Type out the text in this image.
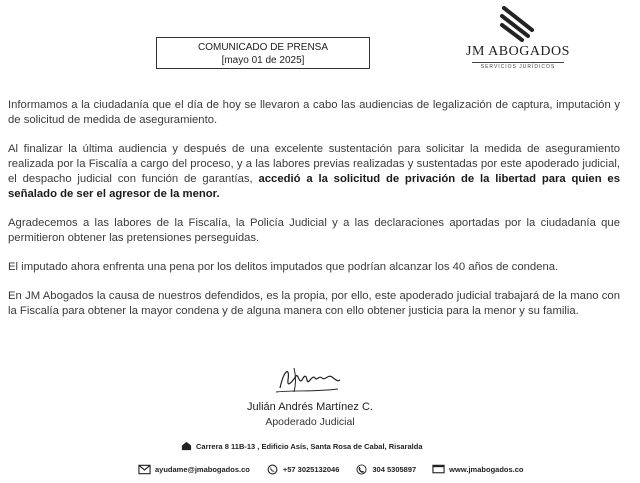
COMUNICADO DE PRENSA
[mayo 01 de 2025]
JM ABOGADOS
SERVICIOS JURÍDICOS

Informamos a la ciudadanía que el día de hoy se llevaron a cabo las audiencias de legalización de captura, imputación y de solicitud de medida de aseguramiento.

Al finalizar la última audiencia y después de una excelente sustentación para solicitar la medida de aseguramiento realizada por la Fiscalía a cargo del proceso, y a las labores previas realizadas y sustentadas por este apoderado judicial, el despacho judicial con función de garantías, accedió a la solicitud de privación de la libertad para quien es señalado de ser el agresor de la menor.

Agradecemos a las labores de la Fiscalía, la Policía Judicial y a las declaraciones aportadas por la ciudadanía que permitieron obtener las pretensiones perseguidas.

El imputado ahora enfrenta una pena por los delitos imputados que podrían alcanzar los 40 años de condena.

En JM Abogados la causa de nuestros defendidos, es la propia, por ello, este apoderado judicial trabajará de la mano con la Fiscalía para obtener la mayor condena y de alguna manera con ello obtener justicia para la menor y su familia.

Julián Andrés Martínez C.
Apoderado Judicial
Carrera 8 11B-13 , Edificio Asís, Santa Rosa de Cabal, Risaralda
ayudame@jmabogados.co	+57 3025132046	304 5305897	www.jmabogados.co
